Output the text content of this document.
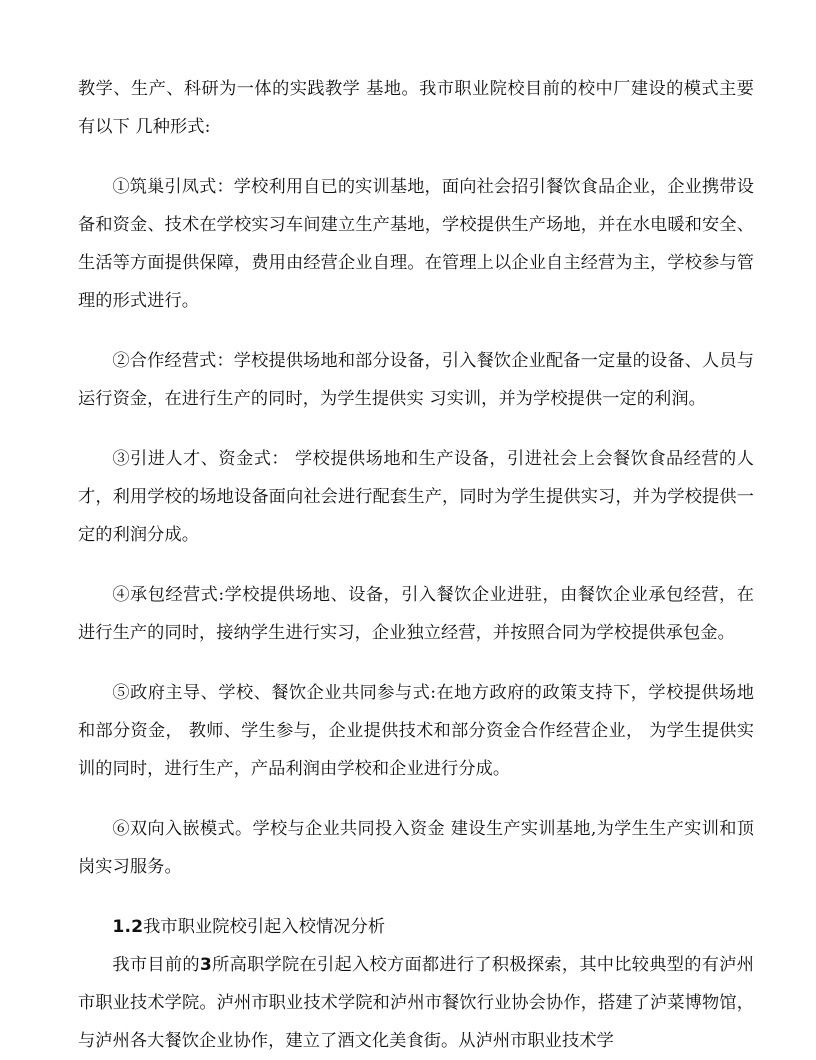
教学、生产、科研为一体的实践教学 基地。我市职业院校目前的校中厂建设的模式主要有以下 几种形式:

①筑巢引凤式：学校利用自已的实训基地，面向社会招引餐饮食品企业，企业携带设备和资金、技术在学校实习车间建立生产基地，学校提供生产场地，并在水电暖和安全、 生活等方面提供保障，费用由经营企业自理。在管理上以企业自主经营为主，学校参与管理的形式进行。

②合作经营式：学校提供场地和部分设备，引入餐饮企业配备一定量的设备、人员与运行资金，在进行生产的同时，为学生提供实 习实训，并为学校提供一定的利润。

③引进人才、资金式： 学校提供场地和生产设备，引进社会上会餐饮食品经营的人才，利用学校的场地设备面向社会进行配套生产，同时为学生提供实习，并为学校提供一定的利润分成。

④承包经营式:学校提供场地、设备，引入餐饮企业进驻，由餐饮企业承包经营，在进行生产的同时，接纳学生进行实习，企业独立经营，并按照合同为学校提供承包金。

⑤政府主导、学校、餐饮企业共同参与式:在地方政府的政策支持下，学校提供场地和部分资金， 教师、学生参与，企业提供技术和部分资金合作经营企业， 为学生提供实训的同时，进行生产，产品利润由学校和企业进行分成。

⑥双向入嵌模式。学校与企业共同投入资金 建设生产实训基地,为学生生产实训和顶岗实习服务。

1.2我市职业院校引起入校情况分析

我市目前的3所高职学院在引起入校方面都进行了积极探索，其中比较典型的有泸州市职业技术学院。泸州市职业技术学院和泸州市餐饮行业协会协作，搭建了泸菜博物馆，与泸州各大餐饮企业协作，建立了酒文化美食街。从泸州市职业技术学
